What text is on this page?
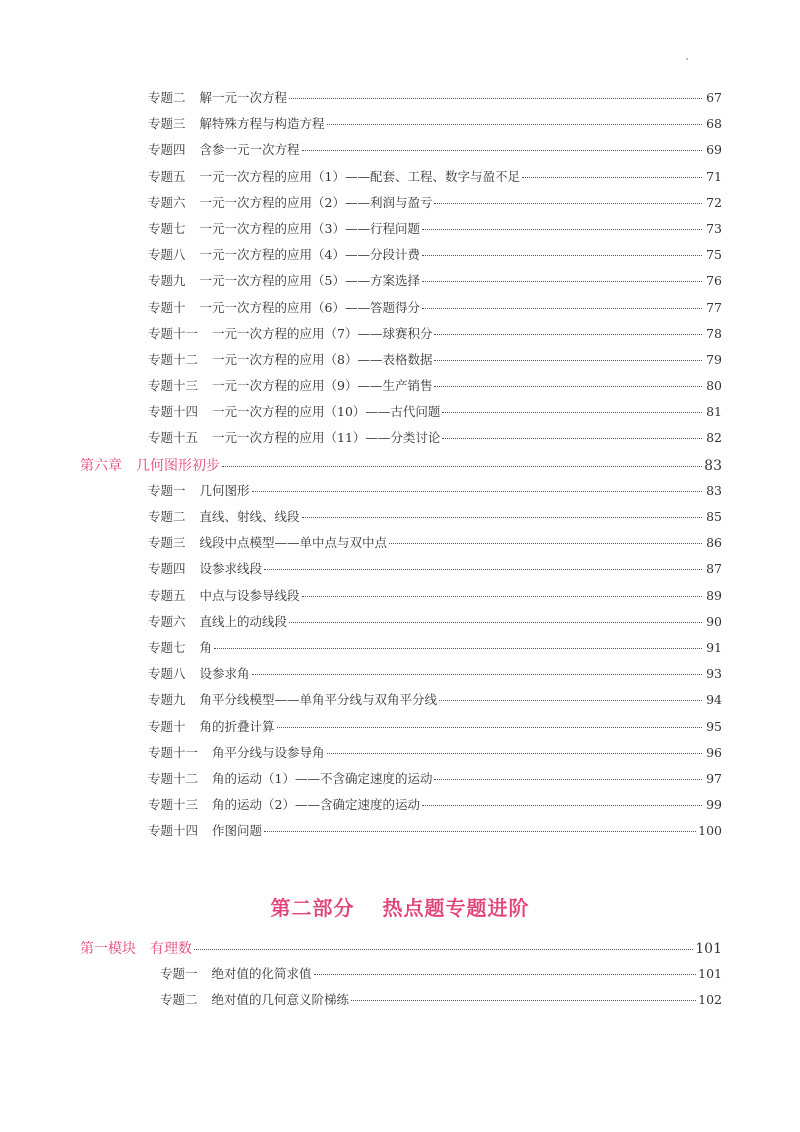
专题二 解一元一次方程	67
专题三 解特殊方程与构造方程	68
专题四 含参一元一次方程	69
专题五 一元一次方程的应用（1）——配套、工程、数字与盈不足	71
专题六 一元一次方程的应用（2）——利润与盈亏	72
专题七 一元一次方程的应用（3）——行程问题	73
专题八 一元一次方程的应用（4）——分段计费	75
专题九 一元一次方程的应用（5）——方案选择	76
专题十 一元一次方程的应用（6）——答题得分	77
专题十一 一元一次方程的应用（7）——球赛积分	78
专题十二 一元一次方程的应用（8）——表格数据	79
专题十三 一元一次方程的应用（9）——生产销售	80
专题十四 一元一次方程的应用（10）——古代问题	81
专题十五 一元一次方程的应用（11）——分类讨论	82
第六章 几何图形初步	83
专题一 几何图形	83
专题二 直线、射线、线段	85
专题三 线段中点模型——单中点与双中点	86
专题四 设参求线段	87
专题五 中点与设参导线段	89
专题六 直线上的动线段	90
专题七 角	91
专题八 设参求角	93
专题九 角平分线模型——单角平分线与双角平分线	94
专题十 角的折叠计算	95
专题十一 角平分线与设参导角	96
专题十二 角的运动（1）——不含确定速度的运动	97
专题十三 角的运动（2）——含确定速度的运动	99
专题十四 作图问题	100
第二部分 热点题专题进阶
第一模块 有理数	101
专题一 绝对值的化简求值	101
专题二 绝对值的几何意义阶梯练	102
